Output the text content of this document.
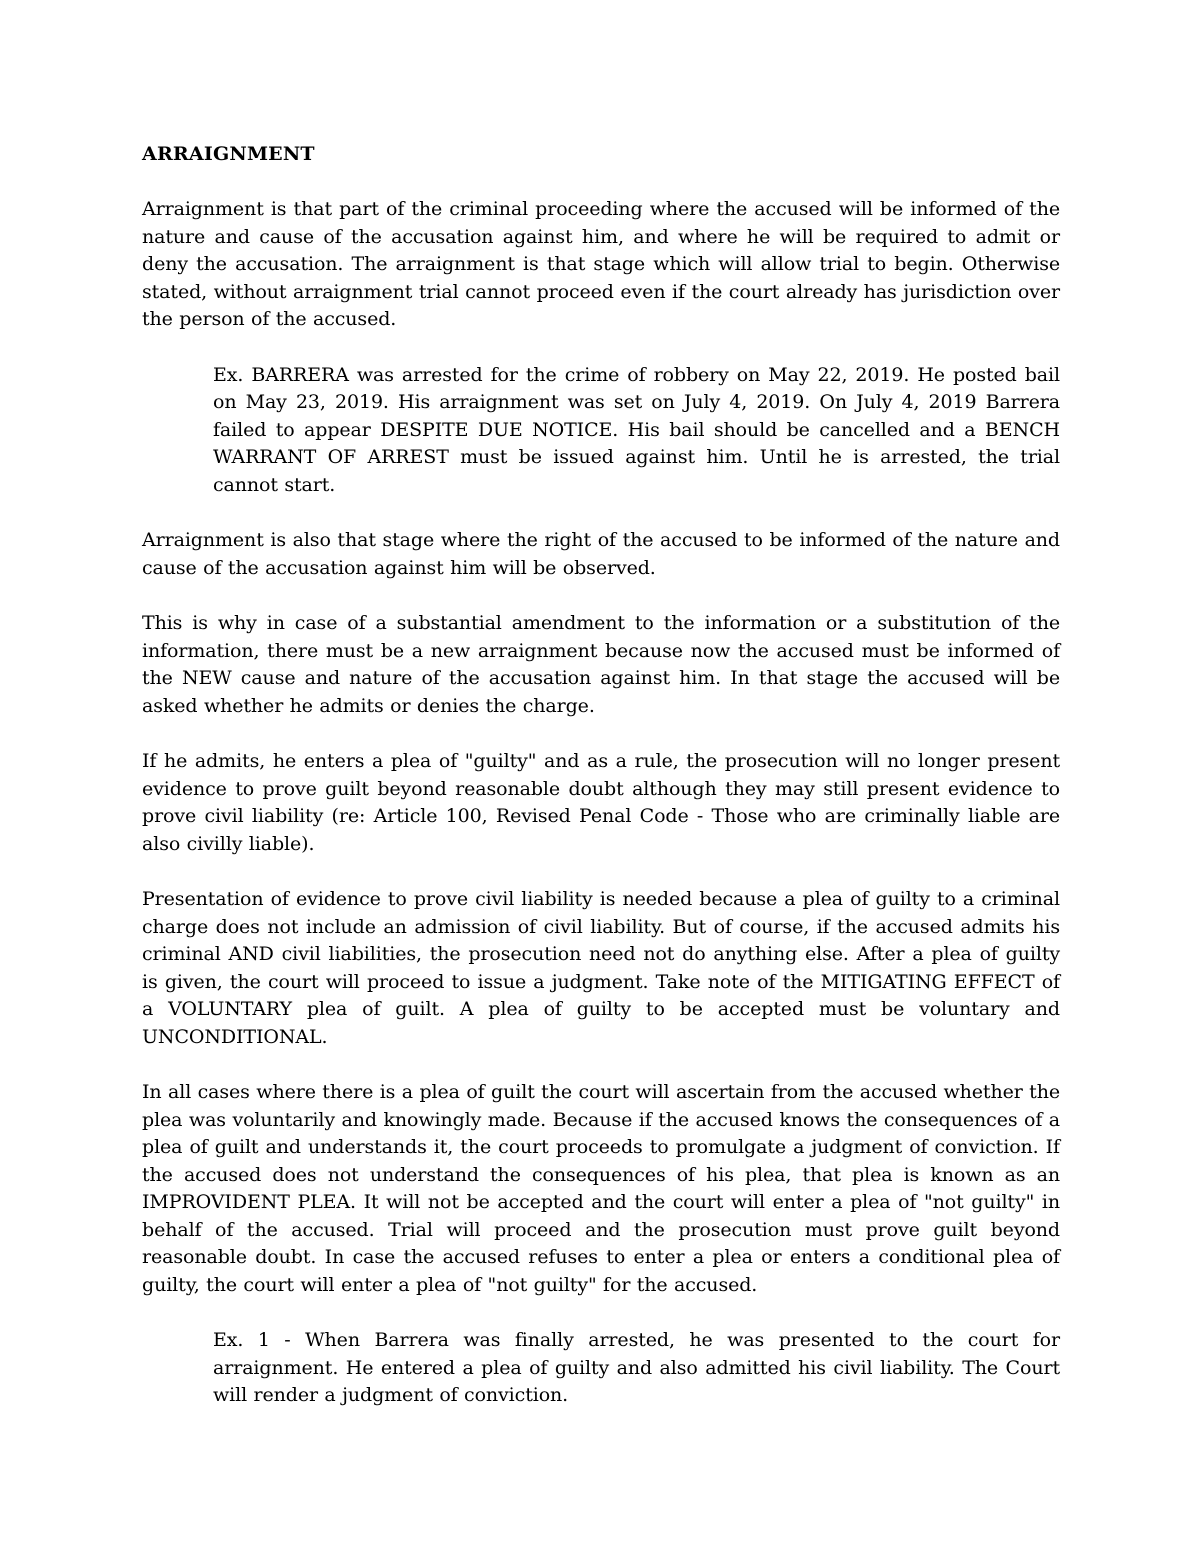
ARRAIGNMENT

Arraignment is that part of the criminal proceeding where the accused will be informed of the nature and cause of the accusation against him, and where he will be required to admit or deny the accusation. The arraignment is that stage which will allow trial to begin. Otherwise stated, without arraignment trial cannot proceed even if the court already has jurisdiction over the person of the accused.

Ex. BARRERA was arrested for the crime of robbery on May 22, 2019. He posted bail on May 23, 2019. His arraignment was set on July 4, 2019. On July 4, 2019 Barrera failed to appear DESPITE DUE NOTICE. His bail should be cancelled and a BENCH WARRANT OF ARREST must be issued against him. Until he is arrested, the trial cannot start.

Arraignment is also that stage where the right of the accused to be informed of the nature and cause of the accusation against him will be observed.

This is why in case of a substantial amendment to the information or a substitution of the information, there must be a new arraignment because now the accused must be informed of the NEW cause and nature of the accusation against him. In that stage the accused will be asked whether he admits or denies the charge.

If he admits, he enters a plea of "guilty" and as a rule, the prosecution will no longer present evidence to prove guilt beyond reasonable doubt although they may still present evidence to prove civil liability (re: Article 100, Revised Penal Code - Those who are criminally liable are also civilly liable).

Presentation of evidence to prove civil liability is needed because a plea of guilty to a criminal charge does not include an admission of civil liability. But of course, if the accused admits his criminal AND civil liabilities, the prosecution need not do anything else. After a plea of guilty is given, the court will proceed to issue a judgment. Take note of the MITIGATING EFFECT of a VOLUNTARY plea of guilt. A plea of guilty to be accepted must be voluntary and UNCONDITIONAL.

In all cases where there is a plea of guilt the court will ascertain from the accused whether the plea was voluntarily and knowingly made. Because if the accused knows the consequences of a plea of guilt and understands it, the court proceeds to promulgate a judgment of conviction. If the accused does not understand the consequences of his plea, that plea is known as an IMPROVIDENT PLEA. It will not be accepted and the court will enter a plea of "not guilty" in behalf of the accused. Trial will proceed and the prosecution must prove guilt beyond reasonable doubt. In case the accused refuses to enter a plea or enters a conditional plea of guilty, the court will enter a plea of "not guilty" for the accused.

Ex. 1 - When Barrera was finally arrested, he was presented to the court for arraignment. He entered a plea of guilty and also admitted his civil liability. The Court will render a judgment of conviction.
